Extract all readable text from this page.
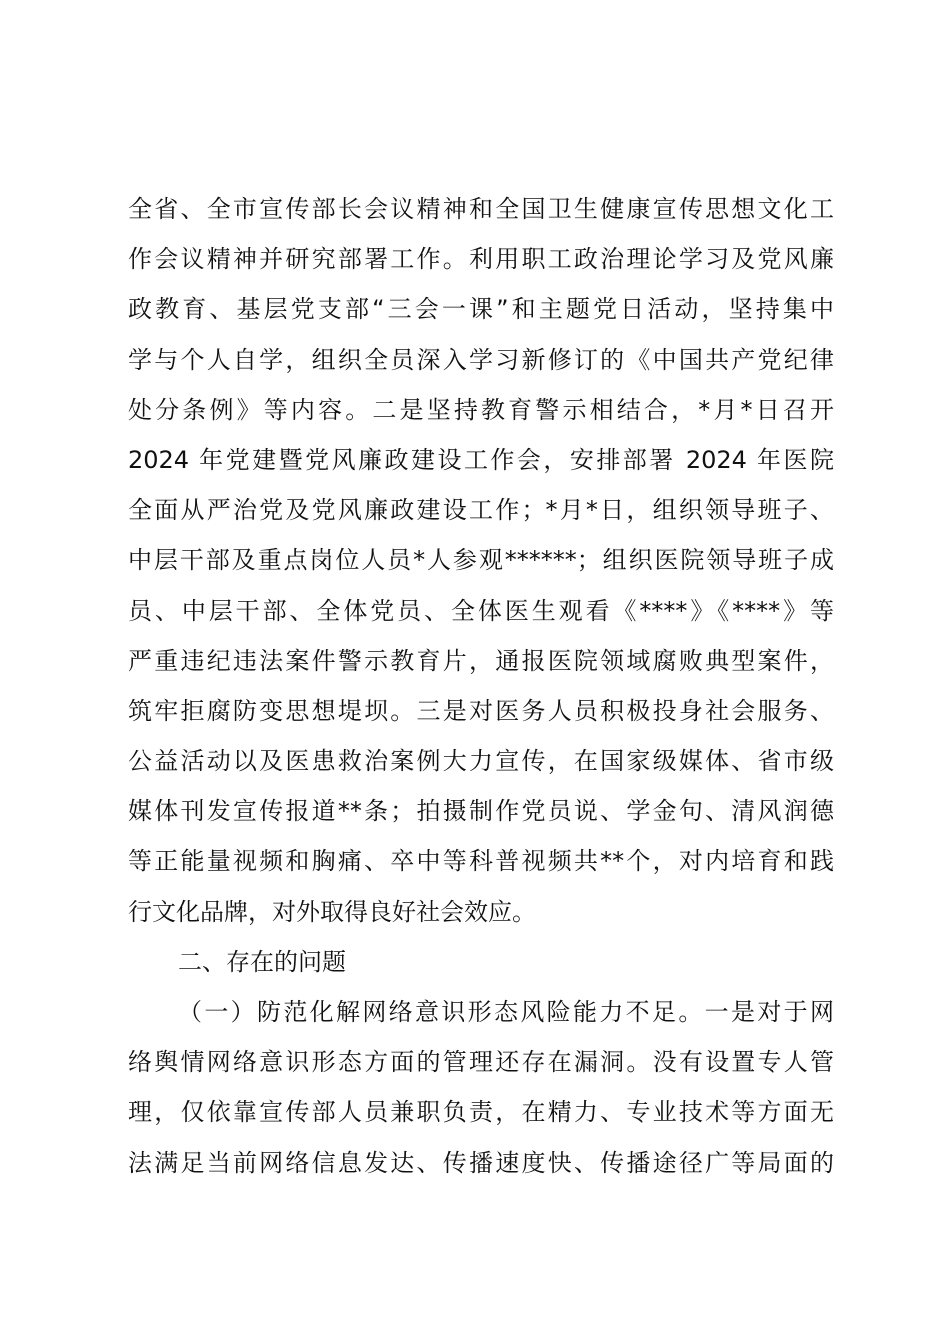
全省、全市宣传部长会议精神和全国卫生健康宣传思想文化工
作会议精神并研究部署工作。利用职工政治理论学习及党风廉
政教育、基层党支部“三会一课”和主题党日活动，坚持集中
学与个人自学，组织全员深入学习新修订的《中国共产党纪律
处分条例》等内容。二是坚持教育警示相结合，*月*日召开
2024 年党建暨党风廉政建设工作会，安排部署 2024 年医院
全面从严治党及党风廉政建设工作；*月*日，组织领导班子、
中层干部及重点岗位人员*人参观******；组织医院领导班子成
员、中层干部、全体党员、全体医生观看《****》《****》等
严重违纪违法案件警示教育片，通报医院领域腐败典型案件，
筑牢拒腐防变思想堤坝。三是对医务人员积极投身社会服务、
公益活动以及医患救治案例大力宣传，在国家级媒体、省市级
媒体刊发宣传报道**条；拍摄制作党员说、学金句、清风润德
等正能量视频和胸痛、卒中等科普视频共**个，对内培育和践
行文化品牌，对外取得良好社会效应。
二、存在的问题
（一）防范化解网络意识形态风险能力不足。一是对于网
络舆情网络意识形态方面的管理还存在漏洞。没有设置专人管
理，仅依靠宣传部人员兼职负责，在精力、专业技术等方面无
法满足当前网络信息发达、传播速度快、传播途径广等局面的
